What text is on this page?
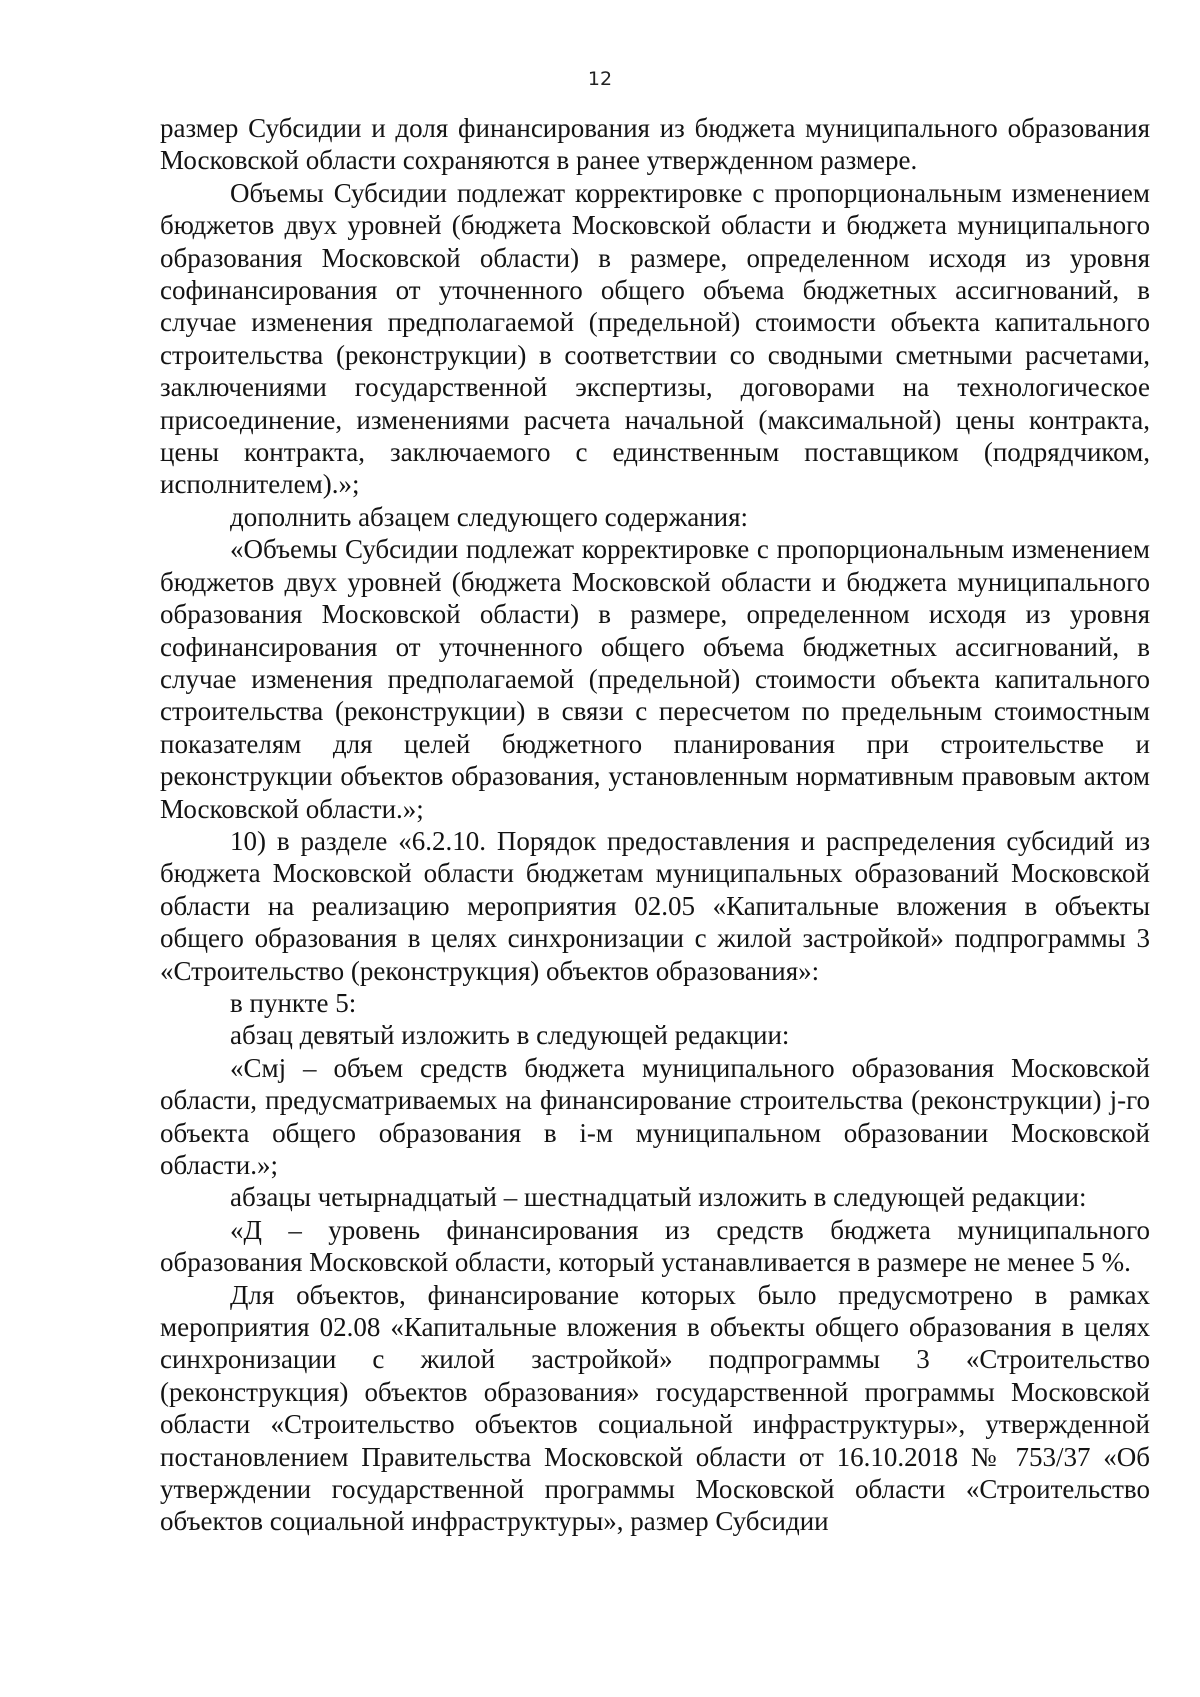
12

размер Субсидии и доля финансирования из бюджета муниципального образования Московской области сохраняются в ранее утвержденном размере.

Объемы Субсидии подлежат корректировке с пропорциональным изменением бюджетов двух уровней (бюджета Московской области и бюджета муниципального образования Московской области) в размере, определенном исходя из уровня софинансирования от уточненного общего объема бюджетных ассигнований, в случае изменения предполагаемой (предельной) стоимости объекта капитального строительства (реконструкции) в соответствии со сводными сметными расчетами, заключениями государственной экспертизы, договорами на технологическое присоединение, изменениями расчета начальной (максимальной) цены контракта, цены контракта, заключаемого с единственным поставщиком (подрядчиком, исполнителем).»;

дополнить абзацем следующего содержания:

«Объемы Субсидии подлежат корректировке с пропорциональным изменением бюджетов двух уровней (бюджета Московской области и бюджета муниципального образования Московской области) в размере, определенном исходя из уровня софинансирования от уточненного общего объема бюджетных ассигнований, в случае изменения предполагаемой (предельной) стоимости объекта капитального строительства (реконструкции) в связи с пересчетом по предельным стоимостным показателям для целей бюджетного планирования при строительстве и реконструкции объектов образования, установленным нормативным правовым актом Московской области.»;

10) в разделе «6.2.10. Порядок предоставления и распределения субсидий из бюджета Московской области бюджетам муниципальных образований Московской области на реализацию мероприятия 02.05 «Капитальные вложения в объекты общего образования в целях синхронизации с жилой застройкой» подпрограммы 3 «Строительство (реконструкция) объектов образования»:

в пункте 5:

абзац девятый изложить в следующей редакции:

«Cмj – объем средств бюджета муниципального образования Московской области, предусматриваемых на финансирование строительства (реконструкции) j-го объекта общего образования в i-м муниципальном образовании Московской области.»;

абзацы четырнадцатый – шестнадцатый изложить в следующей редакции:

«Д – уровень финансирования из средств бюджета муниципального образования Московской области, который устанавливается в размере не менее 5 %.

Для объектов, финансирование которых было предусмотрено в рамках мероприятия 02.08 «Капитальные вложения в объекты общего образования в целях синхронизации с жилой застройкой» подпрограммы 3 «Строительство (реконструкция) объектов образования» государственной программы Московской области «Строительство объектов социальной инфраструктуры», утвержденной постановлением Правительства Московской области от 16.10.2018 № 753/37 «Об утверждении государственной программы Московской области «Строительство объектов социальной инфраструктуры», размер Субсидии
